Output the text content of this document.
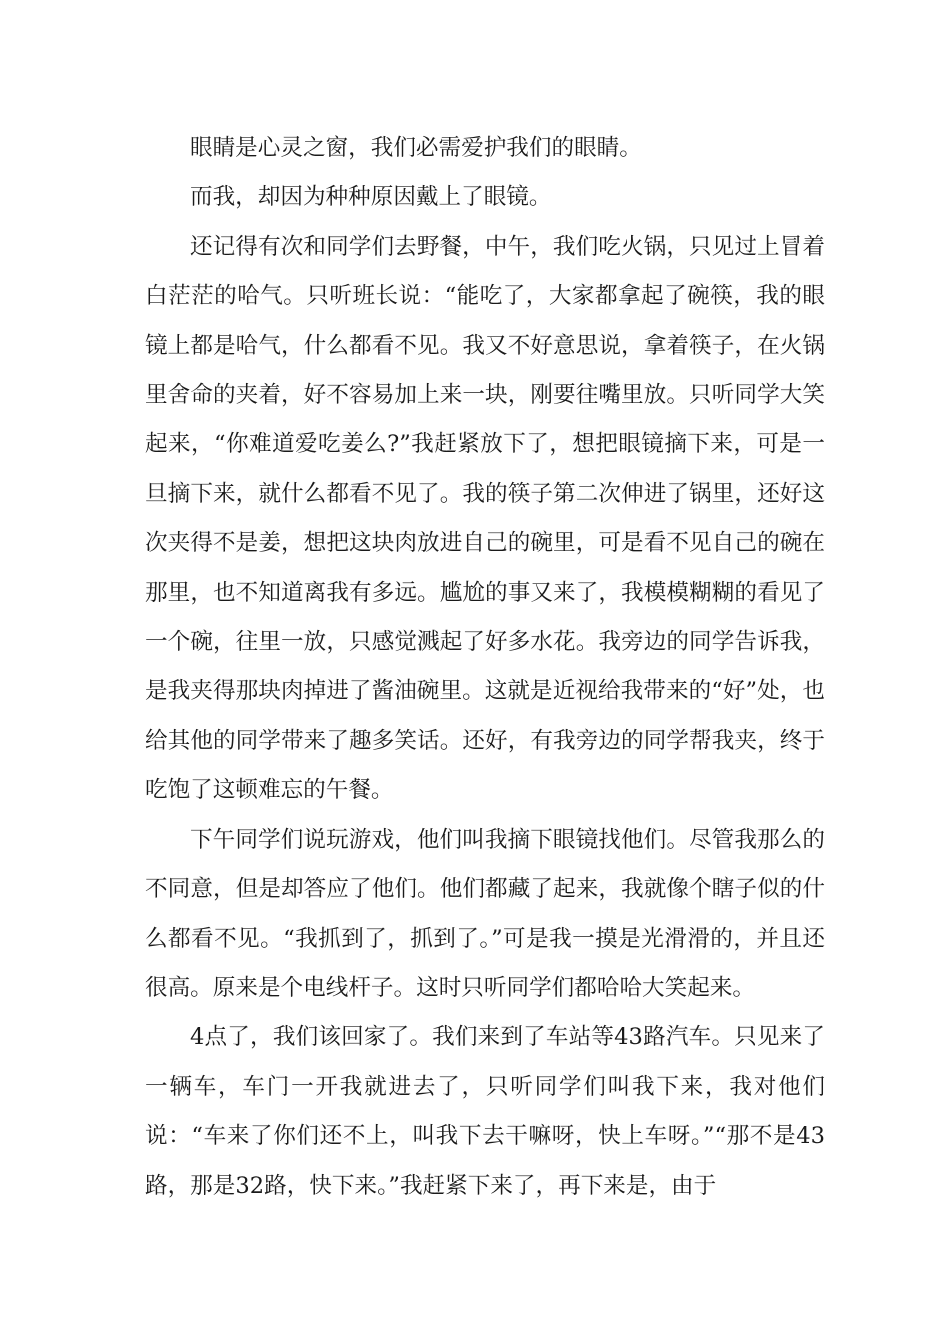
眼睛是心灵之窗，我们必需爱护我们的眼睛。

而我，却因为种种原因戴上了眼镜。

还记得有次和同学们去野餐，中午，我们吃火锅，只见过上冒着白茫茫的哈气。只听班长说：“能吃了，大家都拿起了碗筷，我的眼镜上都是哈气，什么都看不见。我又不好意思说，拿着筷子，在火锅里舍命的夹着，好不容易加上来一块，刚要往嘴里放。只听同学大笑起来，“你难道爱吃姜么?”我赶紧放下了，想把眼镜摘下来，可是一旦摘下来，就什么都看不见了。我的筷子第二次伸进了锅里，还好这次夹得不是姜，想把这块肉放进自己的碗里，可是看不见自己的碗在那里，也不知道离我有多远。尴尬的事又来了，我模模糊糊的看见了一个碗，往里一放，只感觉溅起了好多水花。我旁边的同学告诉我，是我夹得那块肉掉进了酱油碗里。这就是近视给我带来的“好”处，也给其他的同学带来了趣多笑话。还好，有我旁边的同学帮我夹，终于吃饱了这顿难忘的午餐。

下午同学们说玩游戏，他们叫我摘下眼镜找他们。尽管我那么的不同意，但是却答应了他们。他们都藏了起来，我就像个瞎子似的什么都看不见。“我抓到了，抓到了。”可是我一摸是光滑滑的，并且还很高。原来是个电线杆子。这时只听同学们都哈哈大笑起来。

4点了，我们该回家了。我们来到了车站等43路汽车。只见来了一辆车，车门一开我就进去了，只听同学们叫我下来，我对他们说：“车来了你们还不上，叫我下去干嘛呀，快上车呀。”“那不是43路，那是32路，快下来。”我赶紧下来了，再下来是，由于
